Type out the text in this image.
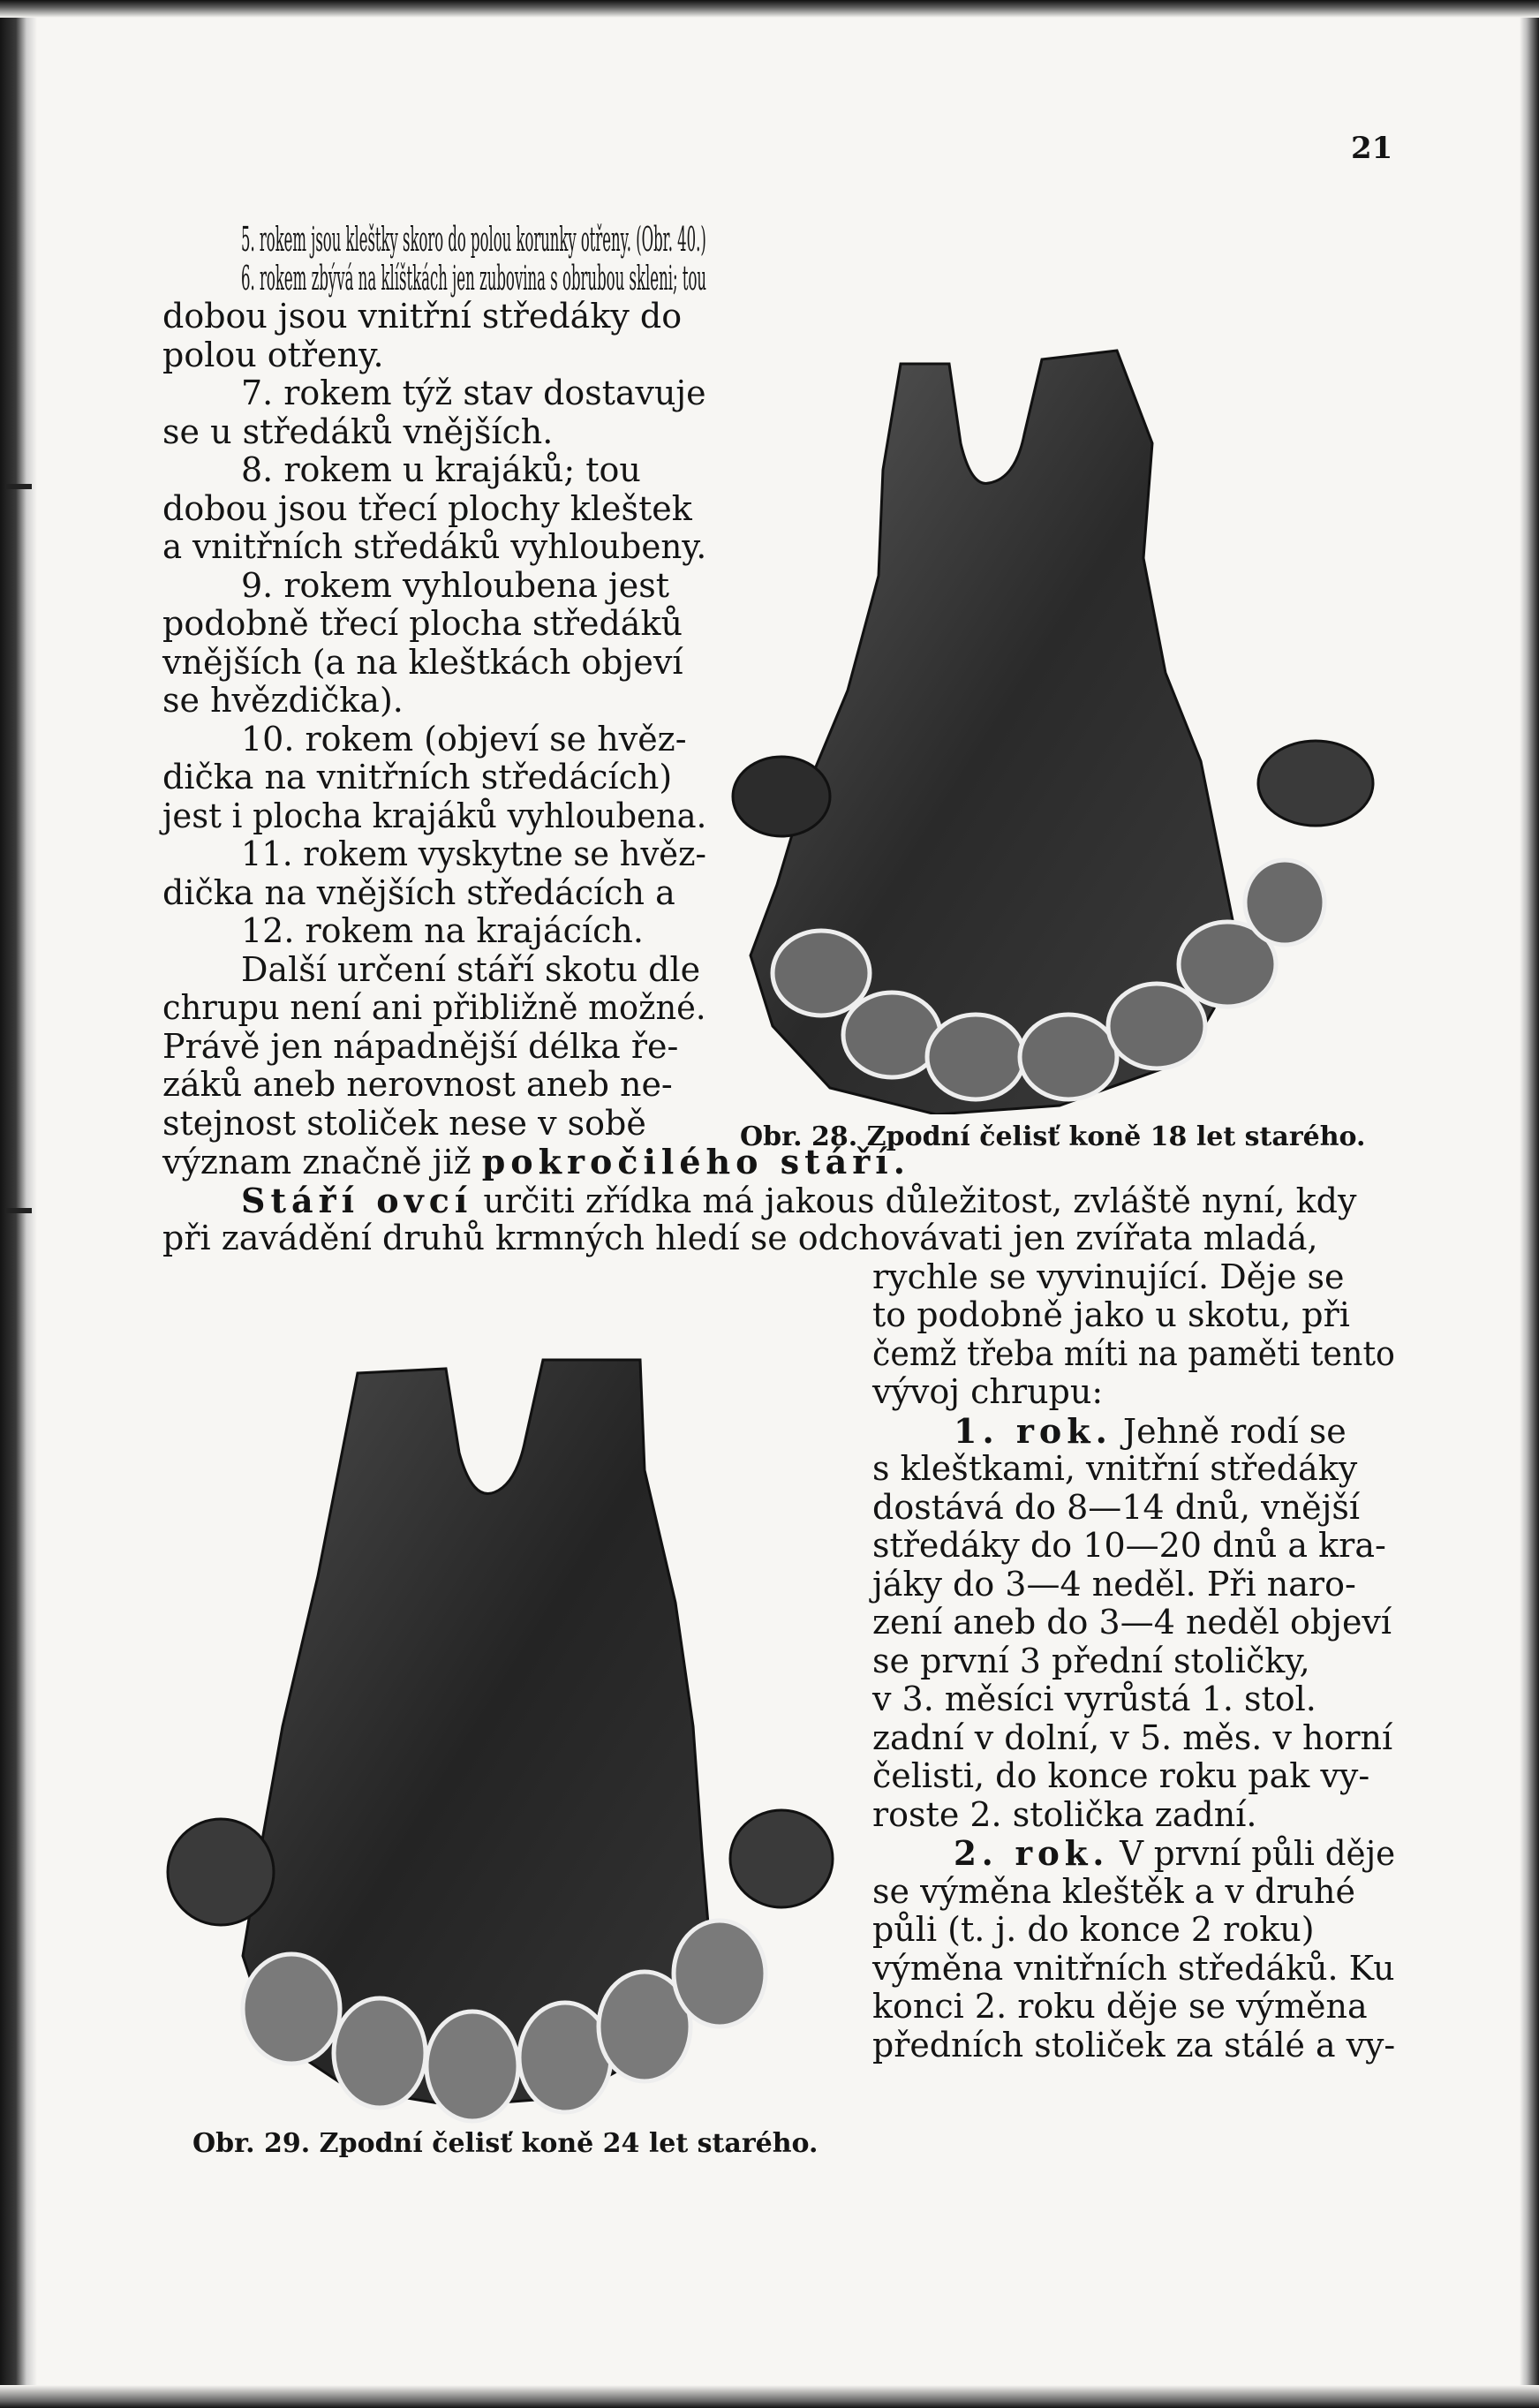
21
Obr. 28. Zpodní čelisť koně 18 let starého.
Obr. 29. Zpodní čelisť koně 24 let starého.
5. rokem jsou kleštky skoro do polou korunky otřeny. (Obr. 40.)
6. rokem zbývá na klíštkách jen zubovina s obrubou skleni; tou
dobou jsou vnitřní středáky do
polou otřeny.
7. rokem týž stav dostavuje
se u středáků vnějších.
8. rokem u krajáků; tou
dobou jsou třecí plochy kleštek
a vnitřních středáků vyhloubeny.
9. rokem vyhloubena jest
podobně třecí plocha středáků
vnějších (a na kleštkách objeví
se hvězdička).
10. rokem (objeví se hvěz-
dička na vnitřních středácích)
jest i plocha krajáků vyhloubena.
11. rokem vyskytne se hvěz-
dička na vnějších středácích a
12. rokem na krajácích.
Další určení stáří skotu dle
chrupu není ani přibližně možné.
Právě jen nápadnější délka ře-
záků aneb nerovnost aneb ne-
stejnost stoliček nese v sobě
význam značně již pokročilého stáří.
Stáří ovcí určiti zřídka má jakous důležitost, zvláště nyní, kdy
při zavádění druhů krmných hledí se odchovávati jen zvířata mladá,
rychle se vyvinující. Děje se
to podobně jako u skotu, při
čemž třeba míti na paměti tento
vývoj chrupu:
1. rok. Jehně rodí se
s kleštkami, vnitřní středáky
dostává do 8—14 dnů, vnější
středáky do 10—20 dnů a kra-
jáky do 3—4 neděl. Při naro-
zení aneb do 3—4 neděl objeví
se první 3 přední stoličky,
v 3. měsíci vyrůstá 1. stol.
zadní v dolní, v 5. měs. v horní
čelisti, do konce roku pak vy-
roste 2. stolička zadní.
2. rok. V první půli děje
se výměna kleštěk a v druhé
půli (t. j. do konce 2 roku)
výměna vnitřních středáků. Ku
konci 2. roku děje se výměna
předních stoliček za stálé a vy-
